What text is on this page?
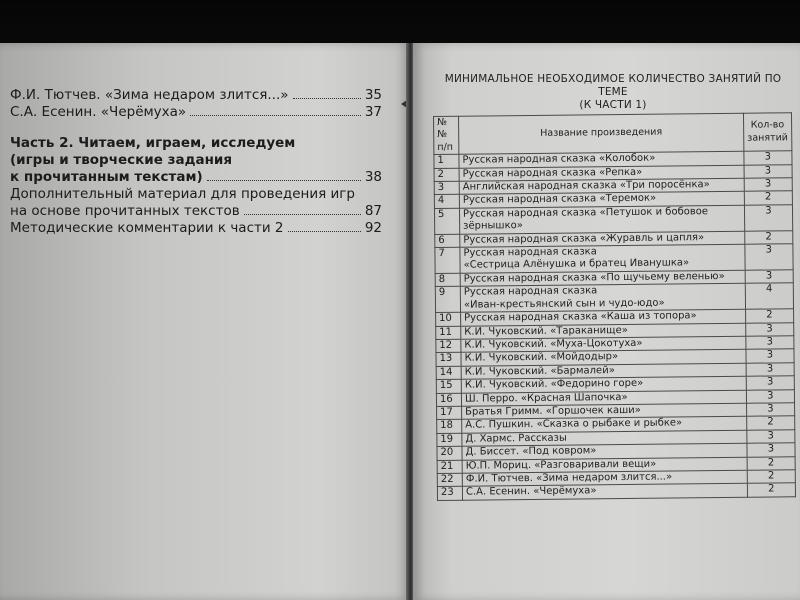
Ф.И. Тютчев. «Зима недаром злится...»	35
С.А. Есенин. «Черёмуха»	37
Часть 2. Читаем, играем, исследуем
(игры и творческие задания
к прочитанным текстам)	38
Дополнительный материал для проведения игр
на основе прочитанных текстов	87
Методические комментарии к части 2	92
МИНИМАЛЬНОЕ НЕОБХОДИМОЕ КОЛИЧЕСТВО ЗАНЯТИЙ ПО ТЕМЕ
(К ЧАСТИ 1)
№№
п/п	Название произведения	Кол-во
занятий

1	Русская народная сказка «Колобок»	3
2	Русская народная сказка «Репка»	3
3	Английская народная сказка «Три поросёнка»	3
4	Русская народная сказка «Теремок»	2
5	Русская народная сказка «Петушок и бобовое зёрнышко»	3
6	Русская народная сказка «Журавль и цапля»	2
7	Русская народная сказка
«Сестрица Алёнушка и братец Иванушка»	3
8	Русская народная сказка «По щучьему веленью»	3
9	Русская народная сказка
«Иван-крестьянский сын и чудо-юдо»	4
10	Русская народная сказка «Каша из топора»	2
11	К.И. Чуковский. «Тараканище»	3
12	К.И. Чуковский. «Муха-Цокотуха»	3
13	К.И. Чуковский. «Мойдодыр»	3
14	К.И. Чуковский. «Бармалей»	3
15	К.И. Чуковский. «Федорино горе»	3
16	Ш. Перро. «Красная Шапочка»	3
17	Братья Гримм. «Горшочек каши»	3
18	А.С. Пушкин. «Сказка о рыбаке и рыбке»	2
19	Д. Хармс. Рассказы	3
20	Д. Биссет. «Под ковром»	3
21	Ю.П. Мориц. «Разговаривали вещи»	2
22	Ф.И. Тютчев. «Зима недаром злится...»	2
23	С.А. Есенин. «Черёмуха»	2
